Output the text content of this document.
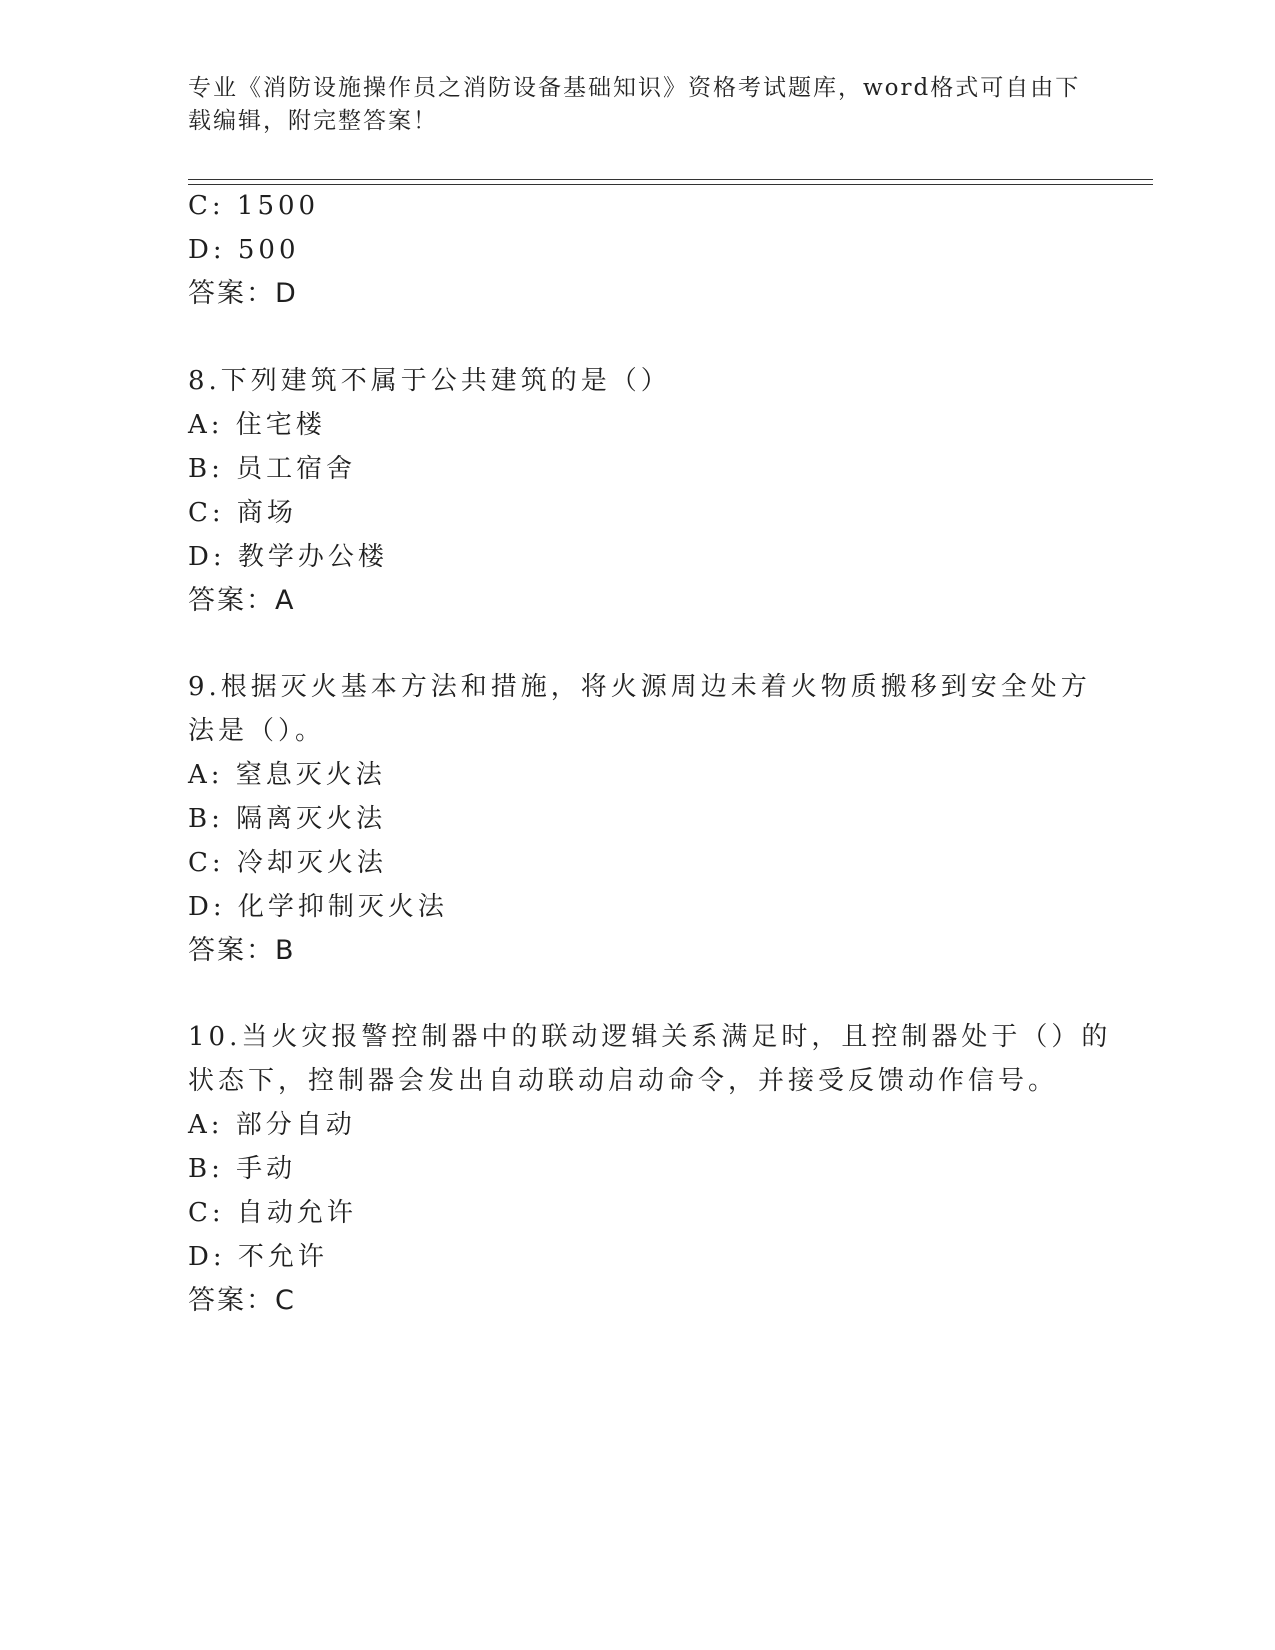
专业《消防设施操作员之消防设备基础知识》资格考试题库，word格式可自由下
载编辑，附完整答案！
C: 1500
D: 500
答案：D
8.下列建筑不属于公共建筑的是（）
A: 住宅楼
B: 员工宿舍
C: 商场
D: 教学办公楼
答案：A
9.根据灭火基本方法和措施，将火源周边未着火物质搬移到安全处方
法是（）。
A: 窒息灭火法
B: 隔离灭火法
C: 冷却灭火法
D: 化学抑制灭火法
答案：B
10.当火灾报警控制器中的联动逻辑关系满足时，且控制器处于（）的
状态下，控制器会发出自动联动启动命令，并接受反馈动作信号。
A: 部分自动
B: 手动
C: 自动允许
D: 不允许
答案：C
